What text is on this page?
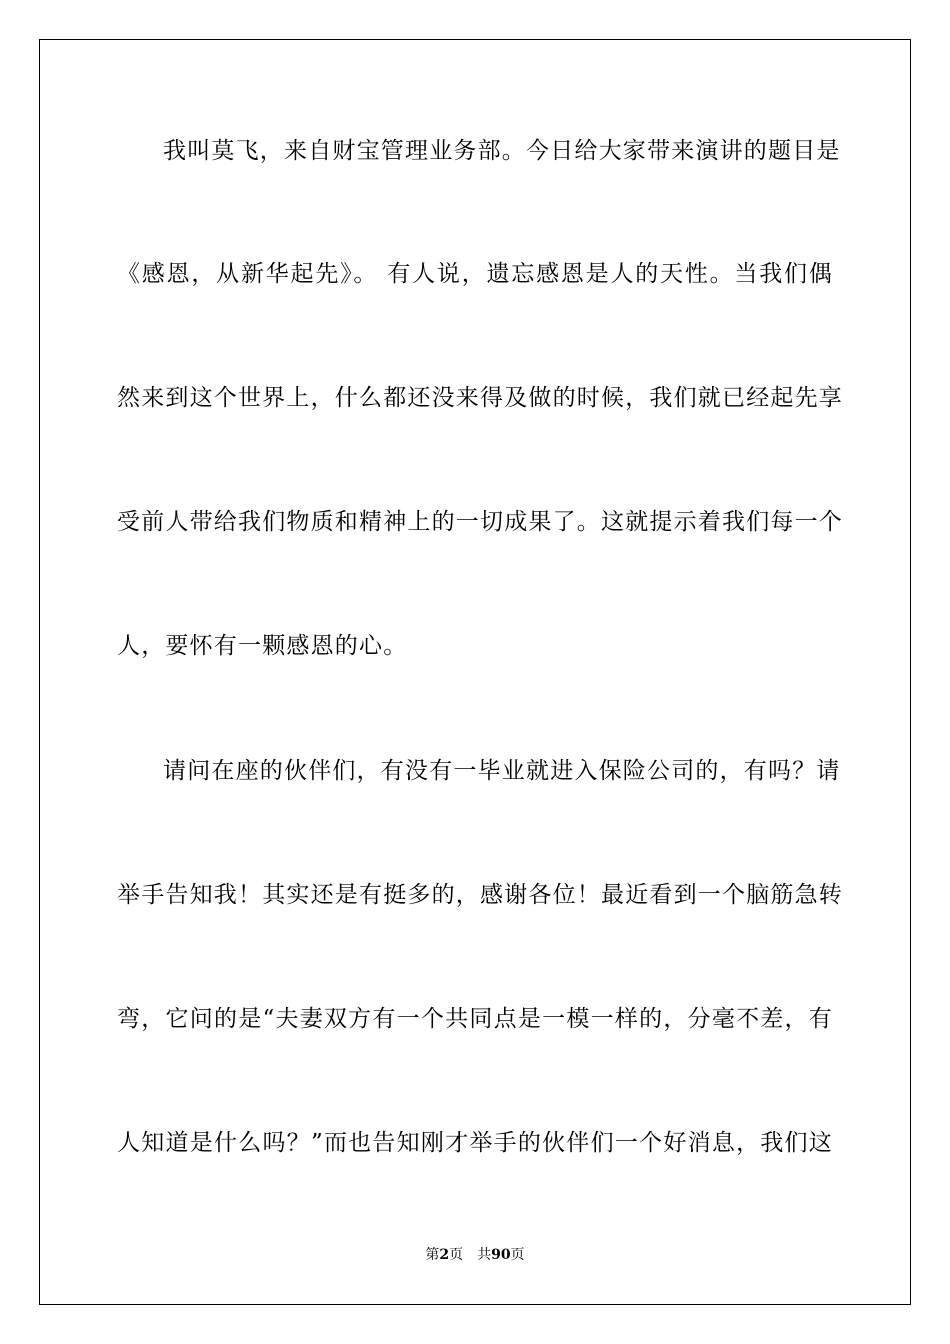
我叫莫飞，来自财宝管理业务部。今日给大家带来演讲的题目是
《感恩，从新华起先》。 有人说，遗忘感恩是人的天性。当我们偶
然来到这个世界上，什么都还没来得及做的时候，我们就已经起先享
受前人带给我们物质和精神上的一切成果了。这就提示着我们每一个
人，要怀有一颗感恩的心。
请问在座的伙伴们，有没有一毕业就进入保险公司的，有吗？请
举手告知我！其实还是有挺多的，感谢各位！最近看到一个脑筋急转
弯，它问的是“夫妻双方有一个共同点是一模一样的，分毫不差，有
人知道是什么吗？”而也告知刚才举手的伙伴们一个好消息，我们这
第2页 共90页
